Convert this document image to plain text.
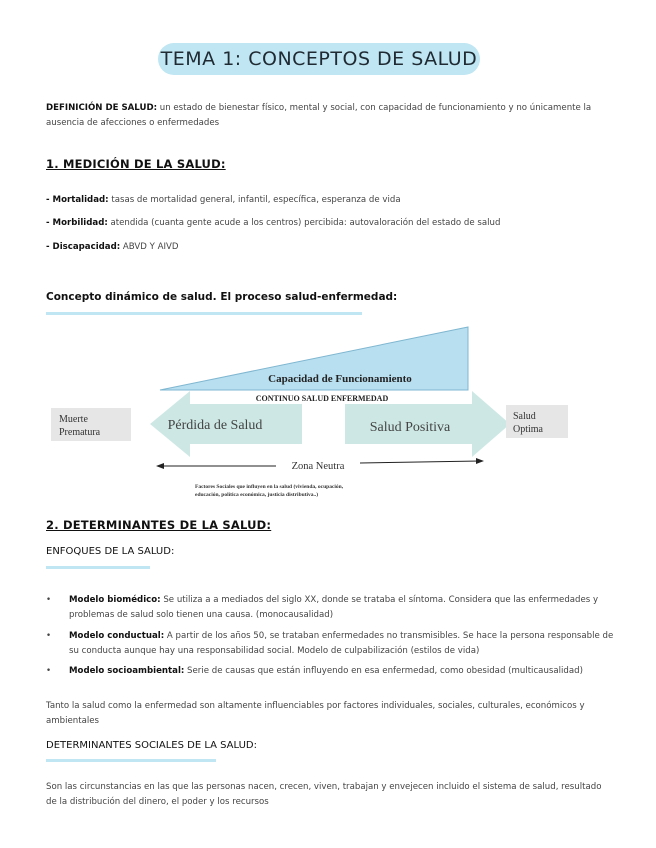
TEMA 1: CONCEPTOS DE SALUD
DEFINICIÓN DE SALUD: un estado de bienestar físico, mental y social, con capacidad de funcionamiento y no únicamente la ausencia de afecciones o enfermedades
1. MEDICIÓN DE LA SALUD:
- Mortalidad: tasas de mortalidad general, infantil, específica, esperanza de vida
- Morbilidad: atendida (cuanta gente acude a los centros) percibida: autovaloración del estado de salud
- Discapacidad: ABVD Y AIVD
Concepto dinámico de salud. El proceso salud-enfermedad:
Capacidad de Funcionamiento
CONTINUO SALUD ENFERMEDAD
Muerte
Prematura	Pérdida de Salud	Salud Positiva
Salud
Optima
Zona Neutra
Factores Sociales que influyen en la salud (vivienda, ocupación,
educación, política económica, justicia distributiva..)
2. DETERMINANTES DE LA SALUD:
ENFOQUES DE LA SALUD:
• Modelo biomédico: Se utiliza a a mediados del siglo XX, donde se trataba el síntoma. Considera que las enfermedades y problemas de salud solo tienen una causa. (monocausalidad)
• Modelo conductual: A partir de los años 50, se trataban enfermedades no transmisibles. Se hace la persona responsable de su conducta aunque hay una responsabilidad social. Modelo de culpabilización (estilos de vida)
• Modelo socioambiental: Serie de causas que están influyendo en esa enfermedad, como obesidad (multicausalidad)
Tanto la salud como la enfermedad son altamente influenciables por factores individuales, sociales, culturales, económicos y ambientales
DETERMINANTES SOCIALES DE LA SALUD:
Son las circunstancias en las que las personas nacen, crecen, viven, trabajan y envejecen incluido el sistema de salud, resultado de la distribución del dinero, el poder y los recursos
